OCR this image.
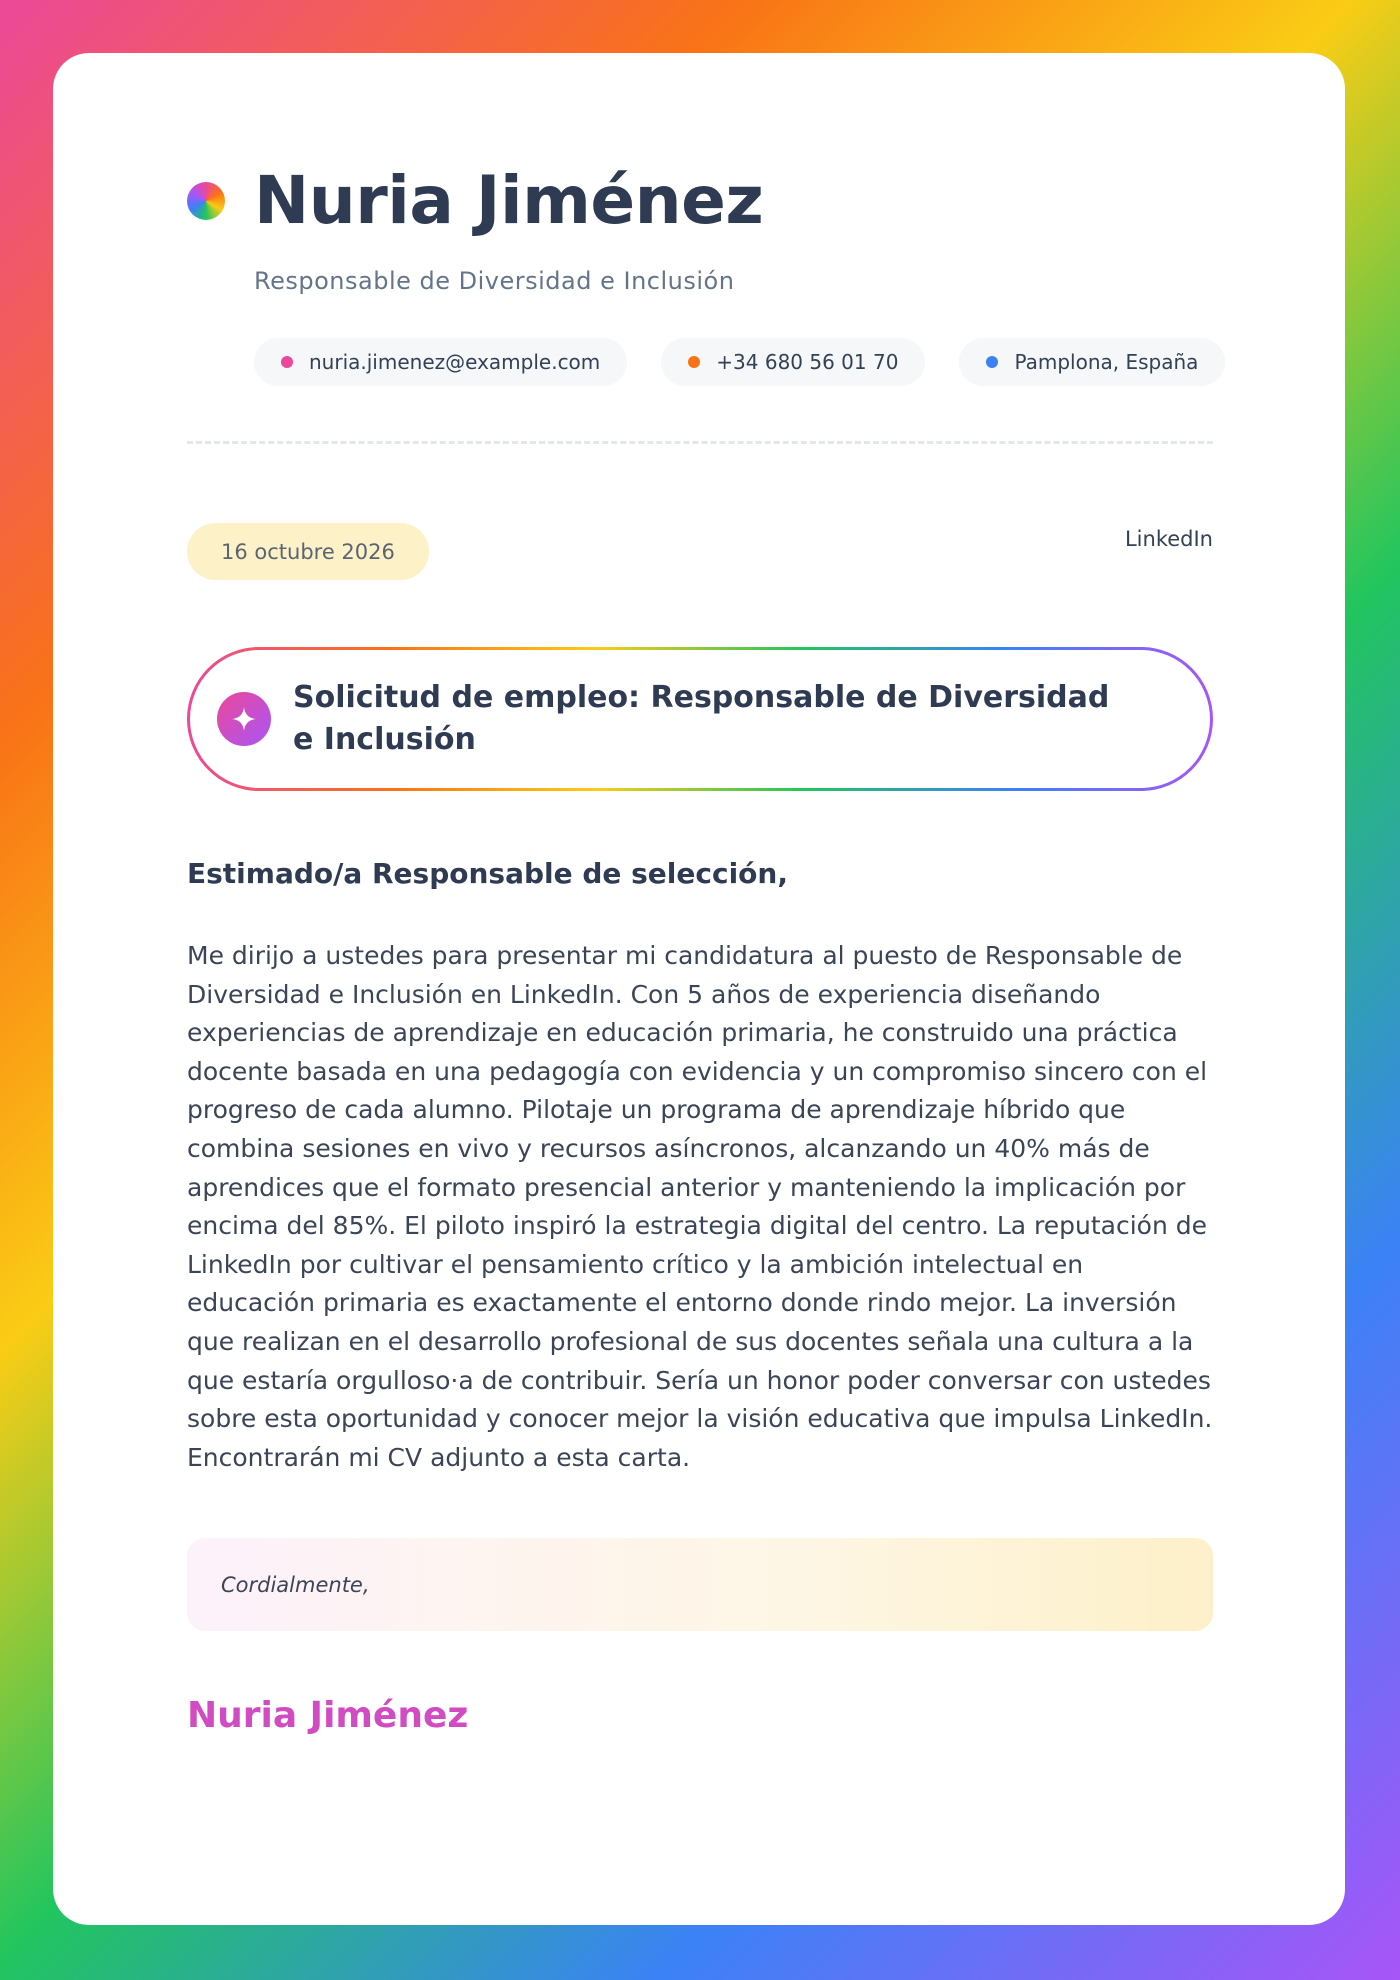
Nuria Jiménez
Responsable de Diversidad e Inclusión
nuria.jimenez@example.com	+34 680 56 01 70	Pamplona, España
16 octubre 2026
LinkedIn
Solicitud de empleo: Responsable de Diversidad e Inclusión
Estimado/a Responsable de selección,

Me dirijo a ustedes para presentar mi candidatura al puesto de Responsable de Diversidad e Inclusión en LinkedIn. Con 5 años de experiencia diseñando experiencias de aprendizaje en educación primaria, he construido una práctica docente basada en una pedagogía con evidencia y un compromiso sincero con el progreso de cada alumno. Pilotaje un programa de aprendizaje híbrido que combina sesiones en vivo y recursos asíncronos, alcanzando un 40% más de aprendices que el formato presencial anterior y manteniendo la implicación por encima del 85%. El piloto inspiró la estrategia digital del centro. La reputación de LinkedIn por cultivar el pensamiento crítico y la ambición intelectual en educación primaria es exactamente el entorno donde rindo mejor. La inversión que realizan en el desarrollo profesional de sus docentes señala una cultura a la que estaría orgulloso·a de contribuir. Sería un honor poder conversar con ustedes sobre esta oportunidad y conocer mejor la visión educativa que impulsa LinkedIn. Encontrarán mi CV adjunto a esta carta.

Cordialmente,
Nuria Jiménez
